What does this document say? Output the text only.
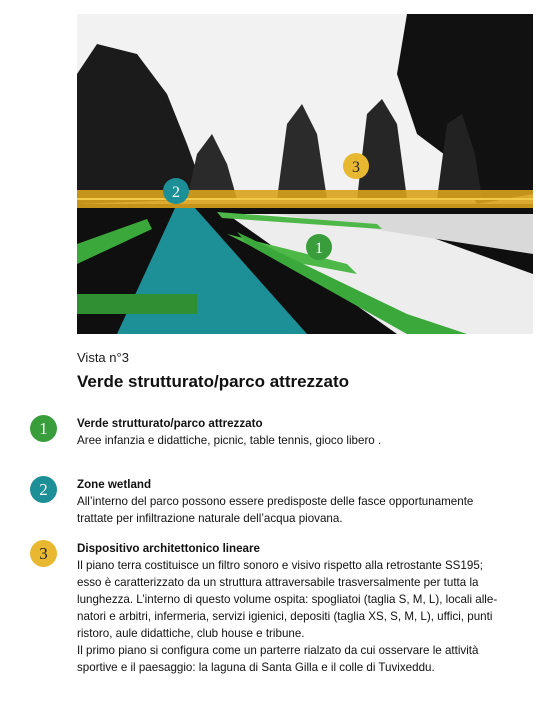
1
2
3
Vista n°3
Verde strutturato/parco attrezzato
1	Verde strutturato/parco attrezzato
Aree infanzia e didattiche, picnic, table tennis, gioco libero .
2	Zone wetland
All’interno del parco possono essere predisposte delle fasce opportunamente
trattate per infiltrazione naturale dell’acqua piovana.
3	Dispositivo architettonico lineare
Il piano terra costituisce un filtro sonoro e visivo rispetto alla retrostante SS195;
esso è caratterizzato da un struttura attraversabile trasversalmente per tutta la
lunghezza. L’interno di questo volume ospita: spogliatoi (taglia S, M, L), locali alle-
natori e arbitri, infermeria, servizi igienici, depositi (taglia XS, S, M, L), uffici, punti
ristoro, aule didattiche, club house e tribune.
Il primo piano si configura come un parterre rialzato da cui osservare le attività
sportive e il paesaggio: la laguna di Santa Gilla e il colle di Tuvixeddu.
